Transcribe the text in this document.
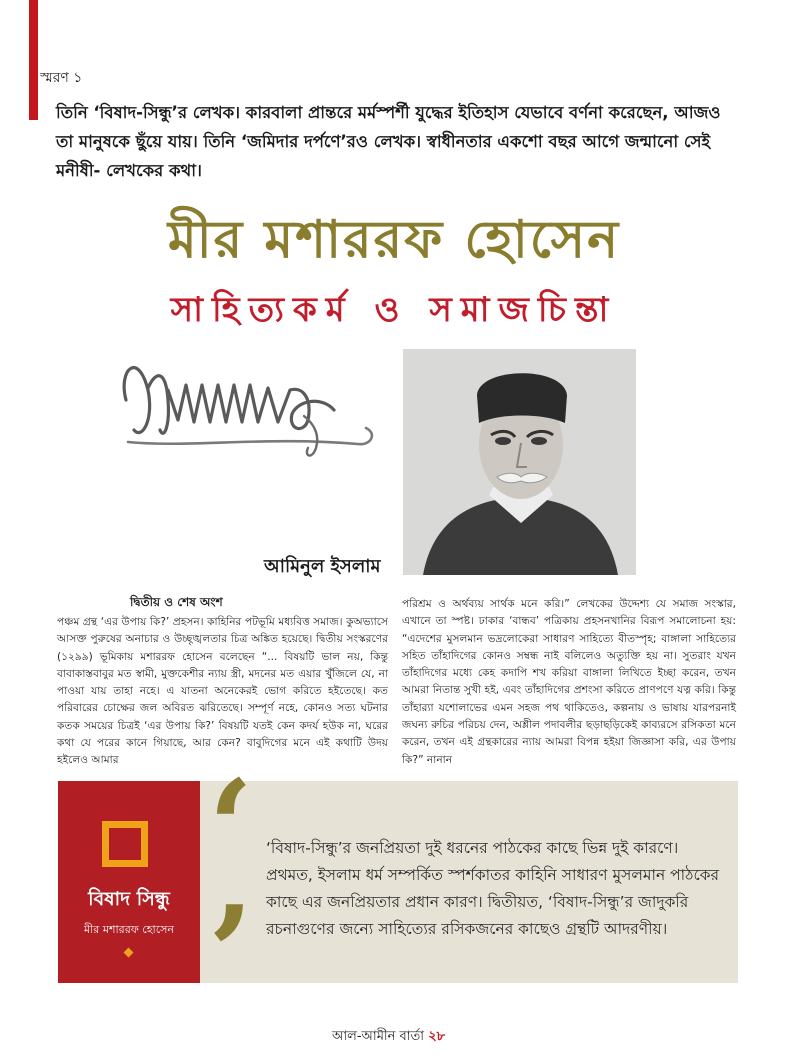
স্মরণ ১
তিনি ‘বিষাদ-সিন্ধু’র লেখক। কারবালা প্রান্তরে মর্মস্পর্শী যুদ্ধের ইতিহাস যেভাবে বর্ণনা করেছেন, আজও তা মানুষকে ছুঁয়ে যায়। তিনি ‘জমিদার দর্পণে’রও লেখক। স্বাধীনতার একশো বছর আগে জন্মানো সেই মনীষী- লেখকের কথা।
মীর মশাররফ হোসেন
সাহিত্যকর্ম ও সমাজচিন্তা
আমিনুল ইসলাম
দ্বিতীয় ও শেষ অংশ
পঞ্চম গ্রন্থ ‘এর উপায় কি?’ প্রহসন। কাহিনির পটভূমি মধ্যবিত্ত সমাজ। কুঅভ্যাসে আসক্ত পুরুষের অনাচার ও উচ্ছৃঙ্খলতার চিত্র অঙ্কিত হয়েছে। দ্বিতীয় সংস্করণের (১২৯৯) ভূমিকায় মশাররফ হোসেন বলেছেন “... বিষয়টি ভাল নয়, কিন্তু বাবাকাস্তবাবুর মত স্বামী, মুক্তকেশীর ন্যায় স্ত্রী, মদনের মত এয়ার খুঁজিলে যে, না পাওয়া যায় তাহা নহে। এ যাতনা অনেকেরই ভোগ করিতে হইতেছে। কত পরিবারের চোক্ষের জল অবিরত ঝরিতেছে। সম্পূর্ণ নহে, কোনও সত্য ঘটনার কতক সময়ের চিত্রই ‘এর উপায় কি?’ বিষয়টি যতই কেন কদর্য হউক না, ঘরের কথা যে পরের কানে গিয়াছে, আর কেন? বাবুদিগের মনে এই কথাটি উদয় হইলেও আমার
পরিশ্রম ও অর্থব্যয় সার্থক মনে করি।” লেখকের উদ্দেশ্য যে সমাজ সংস্কার, এখানে তা স্পষ্ট। ঢাকার ‘বান্ধব’ পত্রিকায় প্রহসনখানির বিরূপ সমালোচনা হয়: “এদেশের মুসলমান ভদ্রলোকেরা সাধারণ সাহিত্যে বীতস্পৃহ; বাঙ্গালা সাহিত্যের সহিত তাঁহাদিগের কোনও সম্বন্ধ নাই বলিলেও অত্যুক্তি হয় না। সুতরাং যখন তাঁহাদিগের মধ্যে কেহ কদাপি শখ করিয়া বাঙ্গালা লিখিতে ইচ্ছা করেন, তখন আমরা নিতান্ত সুখী হই, এবং তাঁহাদিগের প্রশংসা করিতে প্রাণপণে যত্ন করি। কিন্তু তাঁহার‍্যা যশোলাভের এমন সহজ পথ থাকিতেও, কল্পনায় ও ভাষায় যারপরনাই জঘন্য রুচির পরিচয় দেন, অশ্লীল পদাবলীর ছড়াছড়িকেই কাব্যরসে রসিকতা মনে করেন, তখন এই গ্রন্থকারের ন্যায় আমরা বিপন্ন হইয়া জিজ্ঞাসা করি, এর উপায় কি?” নানান
বিষাদ সিন্ধু
মীর মশাররফ হোসেন
‘ ‘বিষাদ-সিন্ধু’র জনপ্রিয়তা দুই ধরনের পাঠকের কাছে ভিন্ন দুই কারণে। প্রথমত, ইসলাম ধর্ম সম্পর্কিত স্পর্শকাতর কাহিনি সাধারণ মুসলমান পাঠকের কাছে এর জনপ্রিয়তার প্রধান কারণ। দ্বিতীয়ত, ‘বিষাদ-সিন্ধু’র জাদুকরি রচনাগুণের জন্যে সাহিত্যের রসিকজনের কাছেও গ্রন্থটি আদরণীয়।
’
আল-আমীন বার্তা ২৮
